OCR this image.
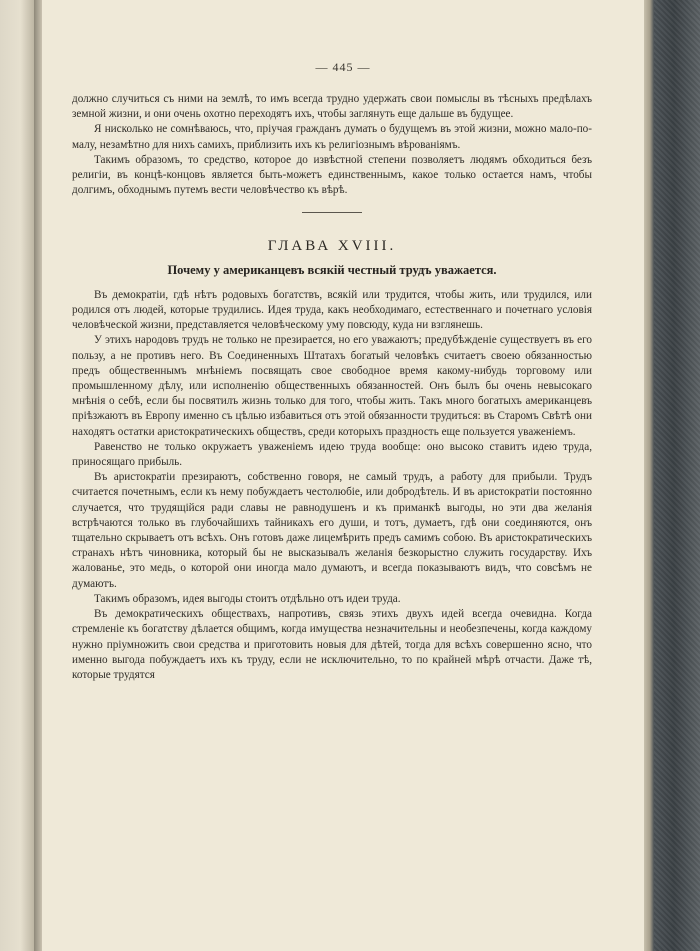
— 445 —

должно случиться съ ними на землѣ, то имъ всегда трудно удержать свои помыслы въ тѣсныхъ предѣлахъ земной жизни, и они очень охотно переходятъ ихъ, чтобы заглянуть еще дальше въ будущее.

Я нисколько не сомнѣваюсь, что, пріучая гражданъ думать о будущемъ въ этой жизни, можно мало-по-малу, незамѣтно для нихъ самихъ, приблизить ихъ къ религіознымъ вѣрованіямъ.

Такимъ образомъ, то средство, которое до извѣстной степени позволяетъ людямъ обходиться безъ религіи, въ концѣ-концовъ является быть-можетъ единственнымъ, какое только остается намъ, чтобы долгимъ, обходнымъ путемъ вести человѣчество къ вѣрѣ.

ГЛАВА XVIII.
Почему у американцевъ всякій честный трудъ уважается.

Въ демократіи, гдѣ нѣтъ родовыхъ богатствъ, всякій или трудится, чтобы жить, или трудился, или родился отъ людей, которые трудились. Идея труда, какъ необходимаго, естественнаго и почетнаго условія человѣческой жизни, представляется человѣческому уму повсюду, куда ни взглянешь.

У этихъ народовъ трудъ не только не презирается, но его уважаютъ; предубѣжденіе существуетъ въ его пользу, а не противъ него. Въ Соединенныхъ Штатахъ богатый человѣкъ считаетъ своею обязанностью предъ общественнымъ мнѣніемъ посвящать свое свободное время какому-нибудь торговому или промышленному дѣлу, или исполненію общественныхъ обязанностей. Онъ былъ бы очень невысокаго мнѣнія о себѣ, если бы посвятилъ жизнь только для того, чтобы жить. Такъ много богатыхъ американцевъ пріѣзжаютъ въ Европу именно съ цѣлью избавиться отъ этой обязанности трудиться: въ Старомъ Свѣтѣ они находятъ остатки аристократическихъ обществъ, среди которыхъ праздность еще пользуется уваженіемъ.

Равенство не только окружаетъ уваженіемъ идею труда вообще: оно высоко ставитъ идею труда, приносящаго прибыль.

Въ аристократіи презираютъ, собственно говоря, не самый трудъ, а работу для прибыли. Трудъ считается почетнымъ, если къ нему побуждаетъ честолюбіе, или добродѣтель. И въ аристократіи постоянно случается, что трудящійся ради славы не равнодушенъ и къ приманкѣ выгоды, но эти два желанія встрѣчаются только въ глубочайшихъ тайникахъ его души, и тотъ, думаетъ, гдѣ они соединяются, онъ тщательно скрываетъ отъ всѣхъ. Онъ готовъ даже лицемѣрить предъ самимъ собою. Въ аристократическихъ странахъ нѣтъ чиновника, который бы не высказывалъ желанія безкорыстно служить государству. Ихъ жалованье, это медь, о которой они иногда мало думаютъ, и всегда показываютъ видъ, что совсѣмъ не думаютъ.

Такимъ образомъ, идея выгоды стоитъ отдѣльно отъ идеи труда.

Въ демократическихъ обществахъ, напротивъ, связь этихъ двухъ идей всегда очевидна. Когда стремленіе къ богатству дѣлается общимъ, когда имущества незначительны и необезпечены, когда каждому нужно пріумножить свои средства и приготовить новыя для дѣтей, тогда для всѣхъ совершенно ясно, что именно выгода побуждаетъ ихъ къ труду, если не исключительно, то по крайней мѣрѣ отчасти. Даже тѣ, которые трудятся
